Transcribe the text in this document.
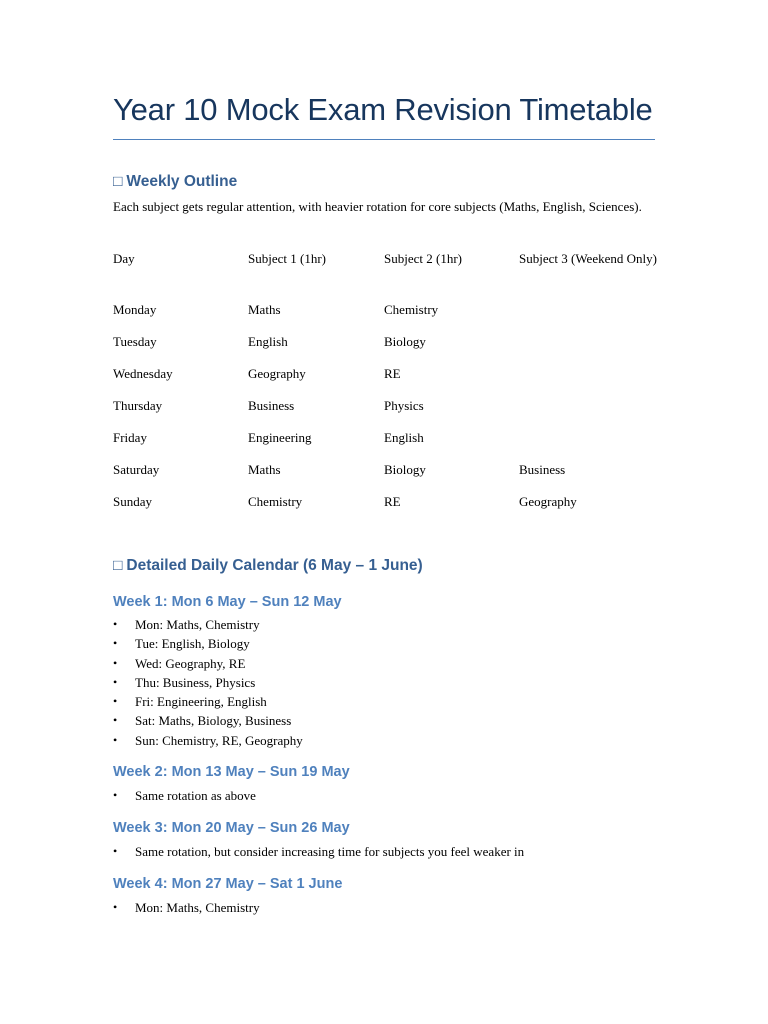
Year 10 Mock Exam Revision Timetable
□ Weekly Outline
Each subject gets regular attention, with heavier rotation for core subjects (Maths, English, Sciences).
Day	Subject 1 (1hr)	Subject 2 (1hr)	Subject 3 (Weekend Only)
Monday	Maths	Chemistry
Tuesday	English	Biology
Wednesday	Geography	RE
Thursday	Business	Physics
Friday	Engineering	English
Saturday	Maths	Biology	Business
Sunday	Chemistry	RE	Geography
□ Detailed Daily Calendar (6 May – 1 June)
Week 1: Mon 6 May – Sun 12 May
• Mon: Maths, Chemistry
• Tue: English, Biology
• Wed: Geography, RE
• Thu: Business, Physics
• Fri: Engineering, English
• Sat: Maths, Biology, Business
• Sun: Chemistry, RE, Geography
Week 2: Mon 13 May – Sun 19 May
• Same rotation as above
Week 3: Mon 20 May – Sun 26 May
• Same rotation, but consider increasing time for subjects you feel weaker in
Week 4: Mon 27 May – Sat 1 June
• Mon: Maths, Chemistry
